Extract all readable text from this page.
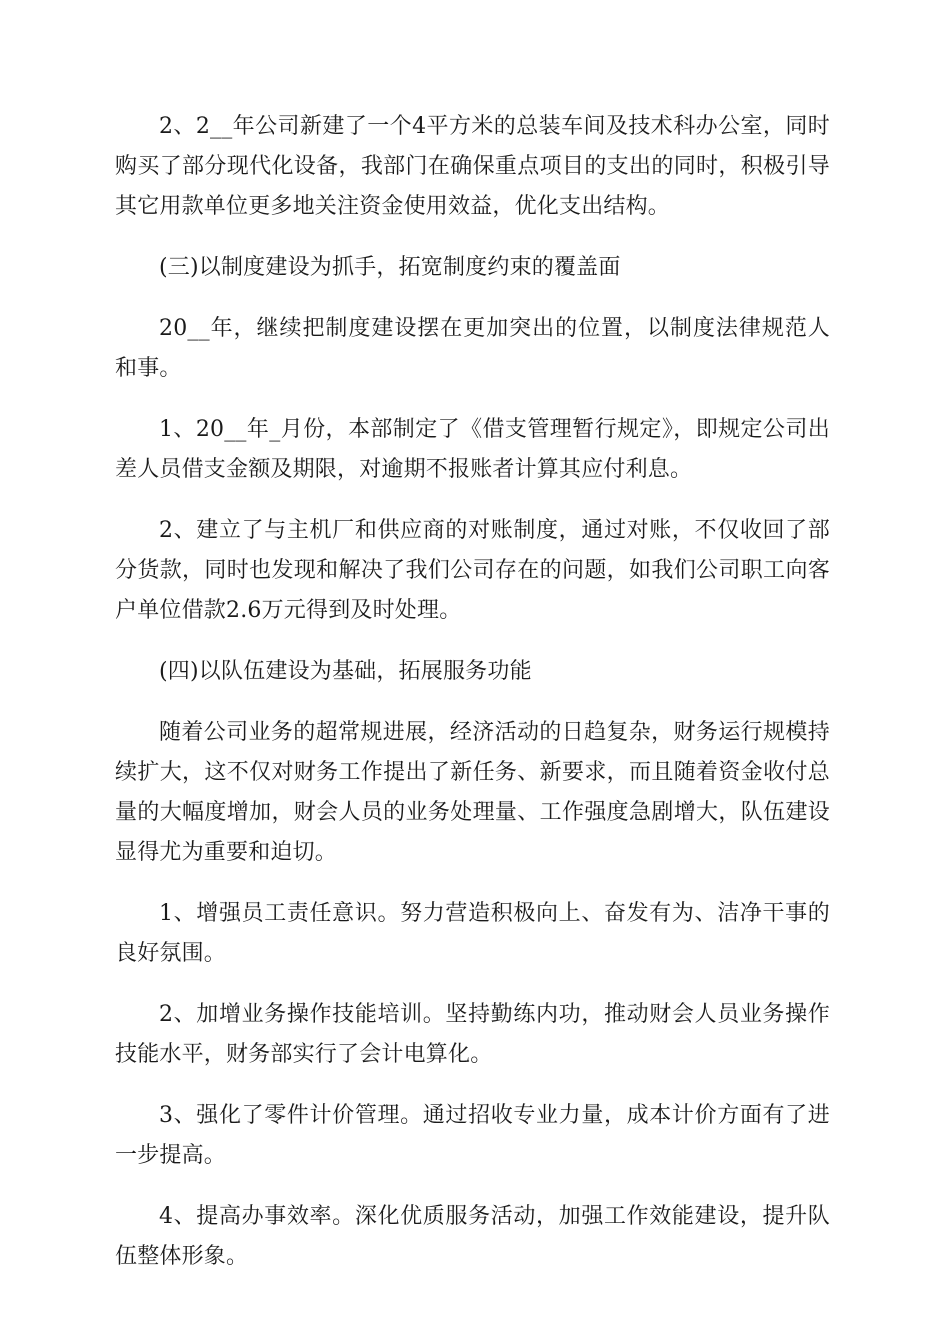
2、2__年公司新建了一个4平方米的总装车间及技术科办公室，同时购买了部分现代化设备，我部门在确保重点项目的支出的同时，积极引导其它用款单位更多地关注资金使用效益，优化支出结构。

(三)以制度建设为抓手，拓宽制度约束的覆盖面

20__年，继续把制度建设摆在更加突出的位置，以制度法律规范人和事。

1、20__年_月份，本部制定了《借支管理暂行规定》，即规定公司出差人员借支金额及期限，对逾期不报账者计算其应付利息。

2、建立了与主机厂和供应商的对账制度，通过对账，不仅收回了部分货款，同时也发现和解决了我们公司存在的问题，如我们公司职工向客户单位借款2.6万元得到及时处理。

(四)以队伍建设为基础，拓展服务功能

随着公司业务的超常规进展，经济活动的日趋复杂，财务运行规模持续扩大，这不仅对财务工作提出了新任务、新要求，而且随着资金收付总量的大幅度增加，财会人员的业务处理量、工作强度急剧增大，队伍建设显得尤为重要和迫切。

1、增强员工责任意识。努力营造积极向上、奋发有为、洁净干事的良好氛围。

2、加增业务操作技能培训。坚持勤练内功，推动财会人员业务操作技能水平，财务部实行了会计电算化。

3、强化了零件计价管理。通过招收专业力量，成本计价方面有了进一步提高。

4、提高办事效率。深化优质服务活动，加强工作效能建设，提升队伍整体形象。
